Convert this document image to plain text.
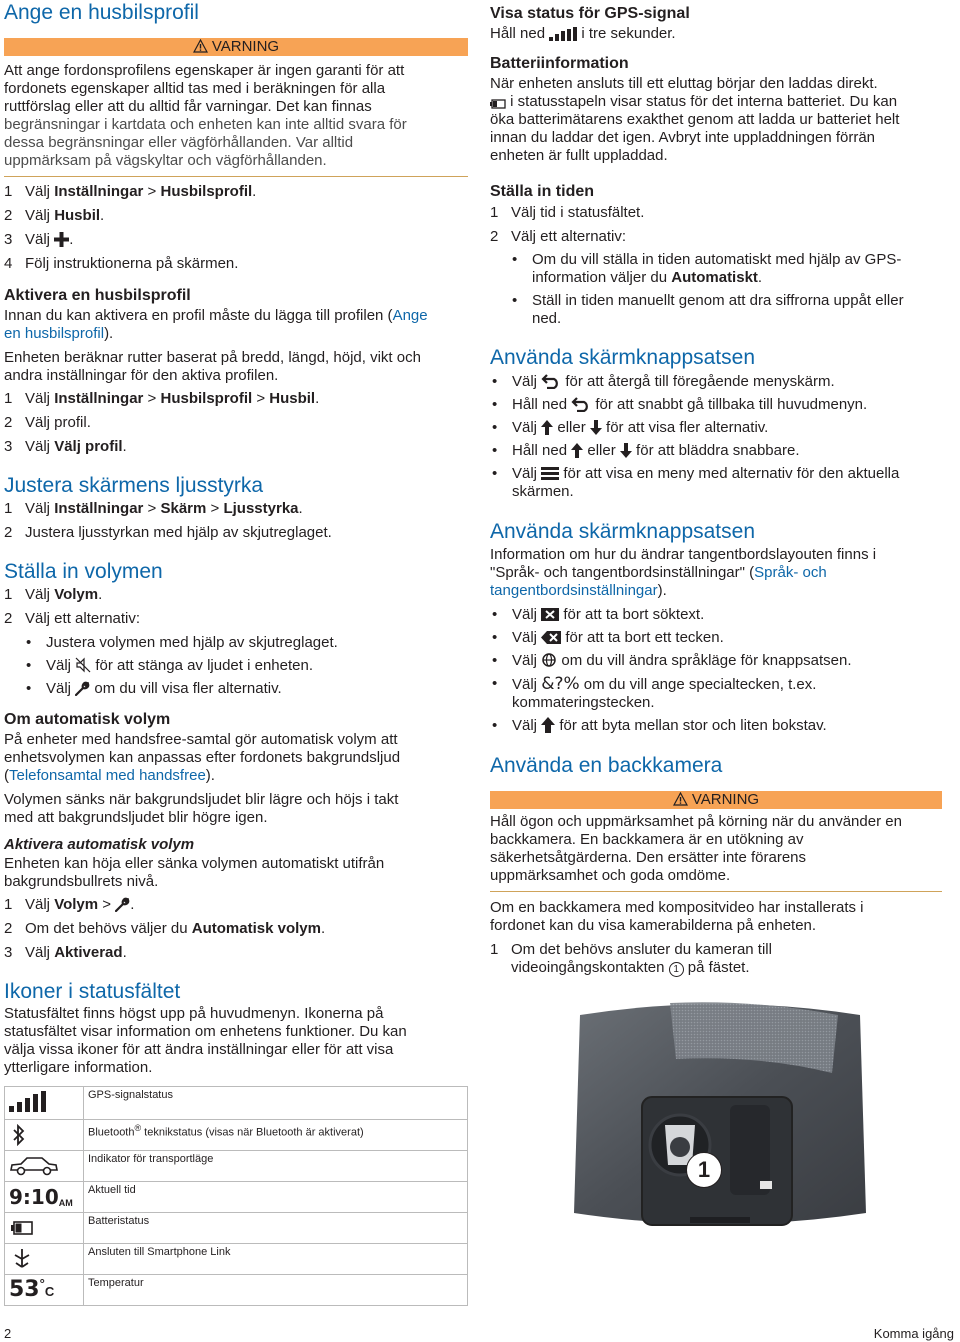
Ange en husbilsprofil
VARNING

Att ange fordonsprofilens egenskaper är ingen garanti för att

fordonets egenskaper alltid tas med i beräkningen för alla

ruttförslag eller att du alltid får varningar. Det kan finnas

begränsningar i kartdata och enheten kan inte alltid svara för

dessa begränsningar eller vägförhållanden. Var alltid

uppmärksam på vägskyltar och vägförhållanden.

1 Välj Inställningar > Husbilsprofil.
2 Välj Husbil.
3 Välj .
4 Följ instruktionerna på skärmen.
Aktivera en husbilsprofil

Innan du kan aktivera en profil måste du lägga till profilen (Ange

en husbilsprofil).

Enheten beräknar rutter baserat på bredd, längd, höjd, vikt och

andra inställningar för den aktiva profilen.

1 Välj Inställningar > Husbilsprofil > Husbil.
2 Välj profil.
3 Välj Välj profil.
Justera skärmens ljusstyrka
1 Välj Inställningar > Skärm > Ljusstyrka.
2 Justera ljusstyrkan med hjälp av skjutreglaget.
Ställa in volymen
1 Välj Volym.
2 Välj ett alternativ:
• Justera volymen med hjälp av skjutreglaget.
• Välj  för att stänga av ljudet i enheten.
• Välj  om du vill visa fler alternativ.
Om automatisk volym

På enheter med handsfree-samtal gör automatisk volym att

enhetsvolymen kan anpassas efter fordonets bakgrundsljud

(Telefonsamtal med handsfree).

Volymen sänks när bakgrundsljudet blir lägre och höjs i takt

med att bakgrundsljudet blir högre igen.

Aktivera automatisk volym

Enheten kan höja eller sänka volymen automatiskt utifrån

bakgrundsbullrets nivå.

1 Välj Volym > .
2 Om det behövs väljer du Automatisk volym.
3 Välj Aktiverad.
Ikoner i statusfältet

Statusfältet finns högst upp på huvudmenyn. Ikonerna på

statusfältet visar information om enhetens funktioner. Du kan

välja vissa ikoner för att ändra inställningar eller för att visa

ytterligare information.

	GPS-signalstatus
	Bluetooth® teknikstatus (visas när Bluetooth är aktiverat)
	Indikator för transportläge
9:10AM	Aktuell tid
	Batteristatus
	Ansluten till Smartphone Link
53°C	Temperatur
Visa status för GPS-signal

Håll ned  i tre sekunder.

Batteriinformation

När enheten ansluts till ett eluttag börjar den laddas direkt.

i statusstapeln visar status för det interna batteriet. Du kan

öka batterimätarens exakthet genom att ladda ur batteriet helt

innan du laddar det igen. Avbryt inte uppladdningen förrän

enheten är fullt uppladdad.

Ställa in tiden
1 Välj tid i statusfältet.
2 Välj ett alternativ:
• Om du vill ställa in tiden automatiskt med hjälp av GPS-

information väljer du Automatiskt.

• Ställ in tiden manuellt genom att dra siffrorna uppåt eller

ned.

Använda skärmknappsatsen
• Välj  för att återgå till föregående menyskärm.
• Håll ned  för att snabbt gå tillbaka till huvudmenyn.
• Välj  eller  för att visa fler alternativ.
• Håll ned  eller  för att bläddra snabbare.
• Välj  för att visa en meny med alternativ för den aktuella

skärmen.

Använda skärmknappsatsen

Information om hur du ändrar tangentbordslayouten finns i

"Språk- och tangentbordsinställningar" (Språk- och

tangentbordsinställningar).

• Välj  för att ta bort söktext.
• Välj  för att ta bort ett tecken.
• Välj  om du vill ändra språkläge för knappsatsen.
• Välj &?% om du vill ange specialtecken, t.ex.

kommateringstecken.

• Välj  för att byta mellan stor och liten bokstav.
Använda en backkamera
VARNING

Håll ögon och uppmärksamhet på körning när du använder en

backkamera. En backkamera är en utökning av

säkerhetsåtgärderna. Den ersätter inte förarens

uppmärksamhet och goda omdöme.

Om en backkamera med kompositvideo har installerats i

fordonet kan du visa kamerabilderna på enheten.

1 Om det behövs ansluter du kameran till

videoingångskontakten 1 på fästet.

1
2	Komma igång
